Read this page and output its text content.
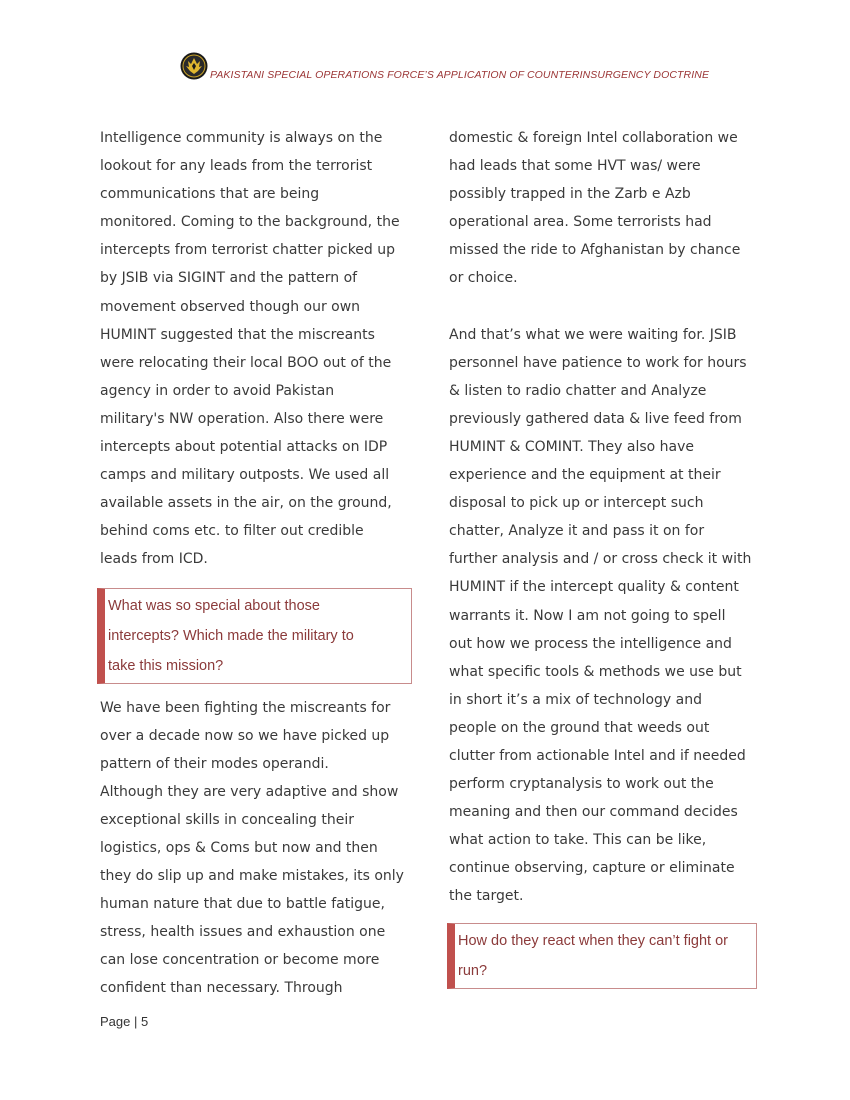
PAKISTANI SPECIAL OPERATIONS FORCE’S APPLICATION OF COUNTERINSURGENCY DOCTRINE

Intelligence community is always on the

lookout for any leads from the terrorist

communications that are being

monitored. Coming to the background, the

intercepts from terrorist chatter picked up

by JSIB via SIGINT and the pattern of

movement observed though our own

HUMINT suggested that the miscreants

were relocating their local BOO out of the

agency in order to avoid Pakistan

military's NW operation. Also there were

intercepts about potential attacks on IDP

camps and military outposts. We used all

available assets in the air, on the ground,

behind coms etc. to filter out credible

leads from ICD.

What was so special about those

intercepts? Which made the military to

take this mission?

We have been fighting the miscreants for

over a decade now so we have picked up

pattern of their modes operandi.

Although they are very adaptive and show

exceptional skills in concealing their

logistics, ops & Coms but now and then

they do slip up and make mistakes, its only

human nature that due to battle fatigue,

stress, health issues and exhaustion one

can lose concentration or become more

confident than necessary. Through

domestic & foreign Intel collaboration we

had leads that some HVT was/ were

possibly trapped in the Zarb e Azb

operational area. Some terrorists had

missed the ride to Afghanistan by chance

or choice.

And that’s what we were waiting for. JSIB

personnel have patience to work for hours

& listen to radio chatter and Analyze

previously gathered data & live feed from

HUMINT & COMINT. They also have

experience and the equipment at their

disposal to pick up or intercept such

chatter, Analyze it and pass it on for

further analysis and / or cross check it with

HUMINT if the intercept quality & content

warrants it. Now I am not going to spell

out how we process the intelligence and

what specific tools & methods we use but

in short it’s a mix of technology and

people on the ground that weeds out

clutter from actionable Intel and if needed

perform cryptanalysis to work out the

meaning and then our command decides

what action to take. This can be like,

continue observing, capture or eliminate

the target.

How do they react when they can’t fight or

run?

Page | 5
